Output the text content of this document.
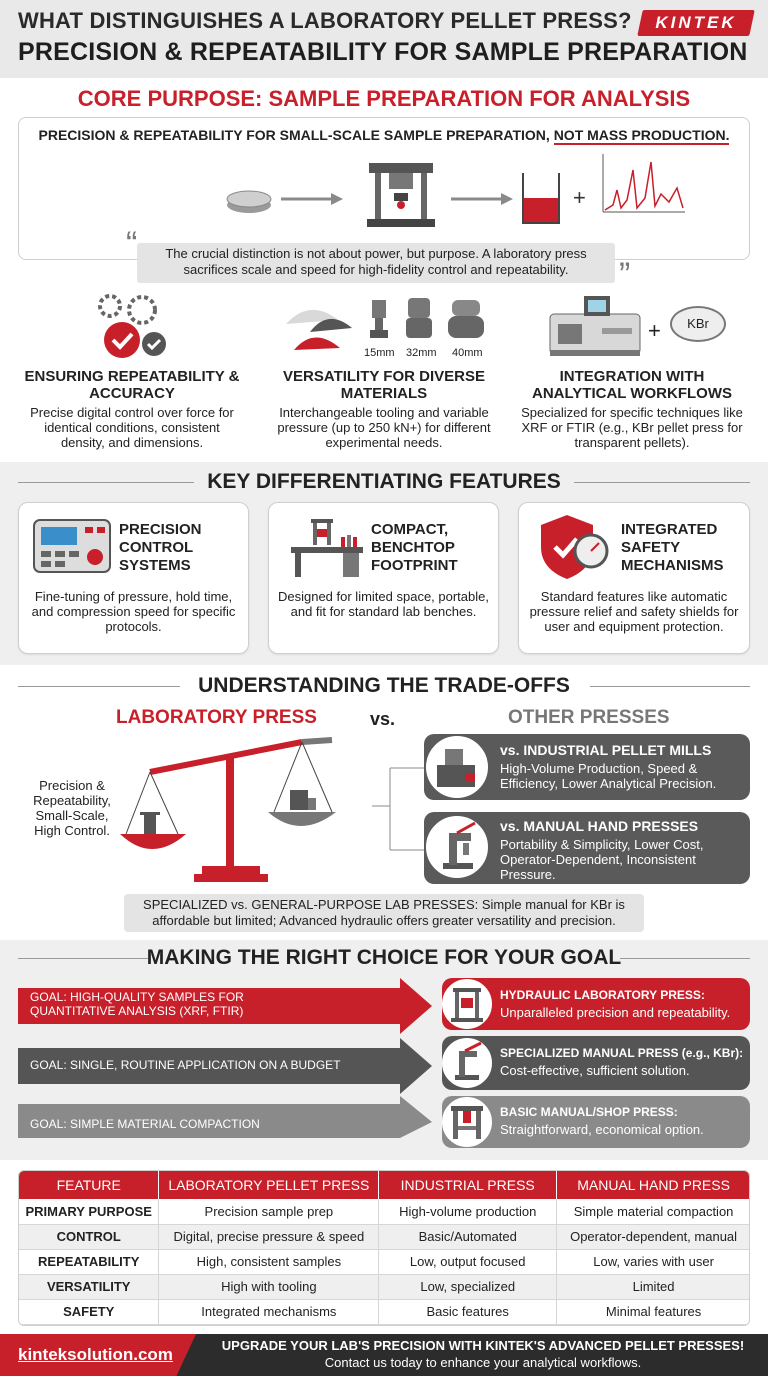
WHAT DISTINGUISHES A LABORATORY PELLET PRESS?
PRECISION & REPEATABILITY FOR SAMPLE PREPARATION
KINTEK
CORE PURPOSE: SAMPLE PREPARATION FOR ANALYSIS
PRECISION & REPEATABILITY FOR SMALL-SCALE SAMPLE PREPARATION, NOT MASS PRODUCTION.
+
“	The crucial distinction is not about power, but purpose. A laboratory press sacrifices scale and speed for high-fidelity control and repeatability.	”
ENSURING REPEATABILITY & ACCURACY
Precise digital control over force for identical conditions, consistent density, and dimensions.
15mm	32mm	40mm
VERSATILITY FOR DIVERSE MATERIALS
Interchangeable tooling and variable pressure (up to 250 kN+) for different experimental needs.
+	KBr
INTEGRATION WITH ANALYTICAL WORKFLOWS
Specialized for specific techniques like XRF or FTIR (e.g., KBr pellet press for transparent pellets).
KEY DIFFERENTIATING FEATURES
PRECISION CONTROL SYSTEMS
Fine-tuning of pressure, hold time, and compression speed for specific protocols.
COMPACT, BENCHTOP FOOTPRINT
Designed for limited space, portable, and fit for standard lab benches.
INTEGRATED SAFETY MECHANISMS
Standard features like automatic pressure relief and safety shields for user and equipment protection.
UNDERSTANDING THE TRADE-OFFS
LABORATORY PRESS	vs.	OTHER PRESSES
Precision & Repeatability, Small-Scale, High Control.
vs. INDUSTRIAL PELLET MILLS
High-Volume Production, Speed & Efficiency, Lower Analytical Precision.
vs. MANUAL HAND PRESSES
Portability & Simplicity, Lower Cost, Operator-Dependent, Inconsistent Pressure.
SPECIALIZED vs. GENERAL-PURPOSE LAB PRESSES: Simple manual for KBr is affordable but limited; Advanced hydraulic offers greater versatility and precision.
MAKING THE RIGHT CHOICE FOR YOUR GOAL
GOAL: HIGH-QUALITY SAMPLES FOR QUANTITATIVE ANALYSIS (XRF, FTIR)
GOAL: SINGLE, ROUTINE APPLICATION ON A BUDGET
GOAL: SIMPLE MATERIAL COMPACTION
HYDRAULIC LABORATORY PRESS:
Unparalleled precision and repeatability.
SPECIALIZED MANUAL PRESS (e.g., KBr):
Cost-effective, sufficient solution.
BASIC MANUAL/SHOP PRESS:
Straightforward, economical option.
FEATURE	LABORATORY PELLET PRESS	INDUSTRIAL PRESS	MANUAL HAND PRESS
PRIMARY PURPOSE	Precision sample prep	High-volume production	Simple material compaction
CONTROL	Digital, precise pressure & speed	Basic/Automated	Operator-dependent, manual
REPEATABILITY	High, consistent samples	Low, output focused	Low, varies with user
VERSATILITY	High with tooling	Low, specialized	Limited
SAFETY	Integrated mechanisms	Basic features	Minimal features
kinteksolution.com	UPGRADE YOUR LAB'S PRECISION WITH KINTEK'S ADVANCED PELLET PRESSES!
Contact us today to enhance your analytical workflows.
